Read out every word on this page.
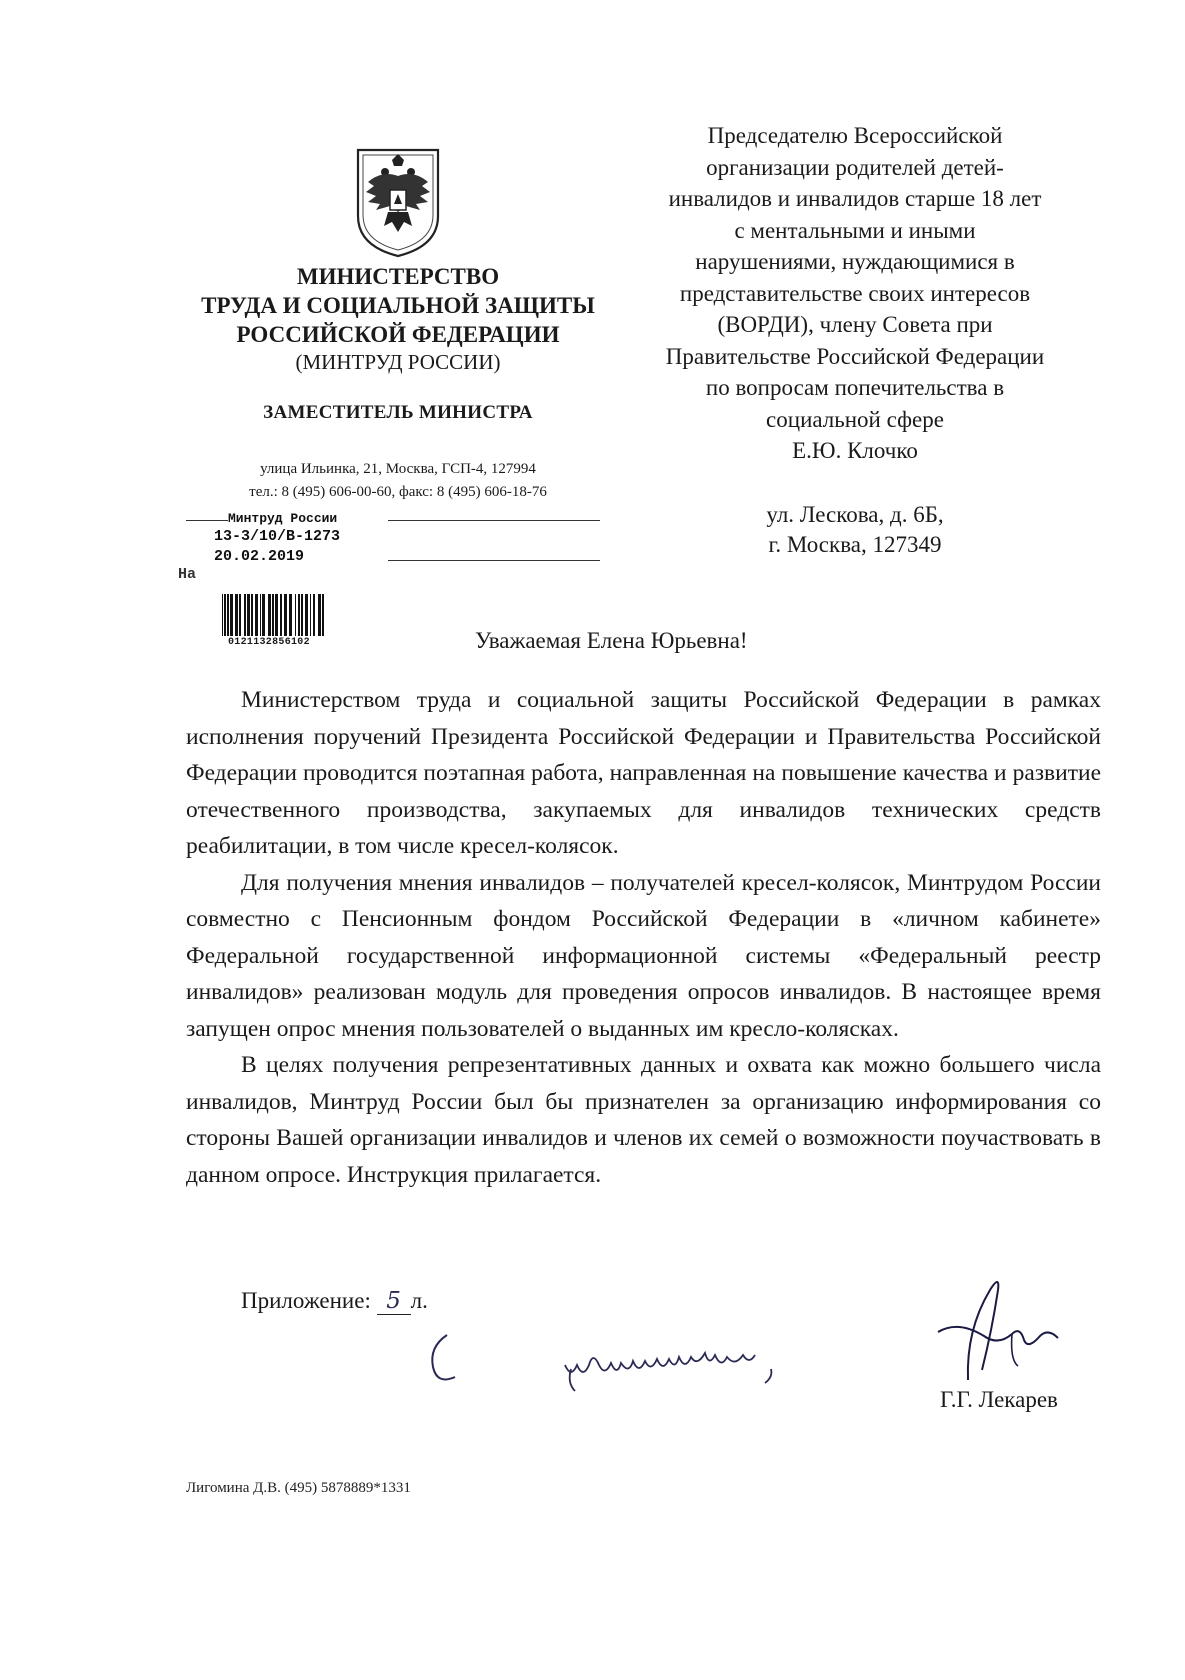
МИНИСТЕРСТВО
ТРУДА И СОЦИАЛЬНОЙ ЗАЩИТЫ
РОССИЙСКОЙ ФЕДЕРАЦИИ
(МИНТРУД РОССИИ)
ЗАМЕСТИТЕЛЬ МИНИСТРА
улица Ильинка, 21, Москва, ГСП-4, 127994
тел.: 8 (495) 606-00-60, факс: 8 (495) 606-18-76
Минтруд России
13-3/10/В-1273
На
20.02.2019
0121132856102
Председателю Всероссийской
организации родителей детей-
инвалидов и инвалидов старше 18 лет
с ментальными и иными
нарушениями, нуждающимися в
представительстве своих интересов
(ВОРДИ), члену Совета при
Правительстве Российской Федерации
по вопросам попечительства в
социальной сфере
Е.Ю. Клочко
ул. Лескова, д. 6Б,
г. Москва, 127349
Уважаемая Елена Юрьевна!

Министерством труда и социальной защиты Российской Федерации в рамках исполнения поручений Президента Российской Федерации и Правительства Российской Федерации проводится поэтапная работа, направленная на повышение качества и развитие отечественного производства, закупаемых для инвалидов технических средств реабилитации, в том числе кресел-колясок.

Для получения мнения инвалидов – получателей кресел-колясок, Минтрудом России совместно с Пенсионным фондом Российской Федерации в «личном кабинете» Федеральной государственной информационной системы «Федеральный реестр инвалидов» реализован модуль для проведения опросов инвалидов. В настоящее время запущен опрос мнения пользователей о выданных им кресло-колясках.

В целях получения репрезентативных данных и охвата как можно большего числа инвалидов, Минтруд России был бы признателен за организацию информирования со стороны Вашей организации инвалидов и членов их семей о возможности поучаствовать в данном опросе. Инструкция прилагается.

Приложение: 5 л.
Г.Г. Лекарев
Лигомина Д.В. (495) 5878889*1331
